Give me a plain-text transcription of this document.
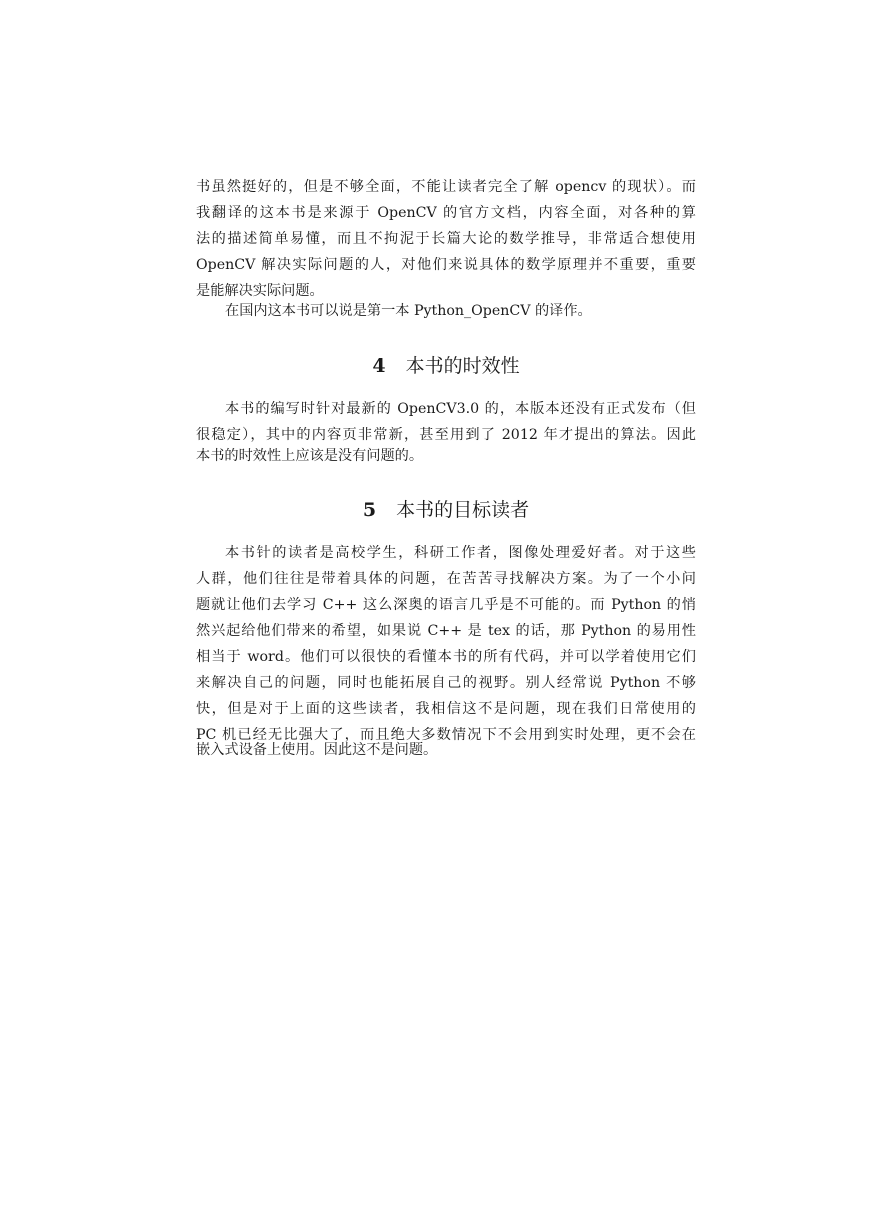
书虽然挺好的，但是不够全面，不能让读者完全了解 opencv 的现状）。而
我翻译的这本书是来源于 OpenCV 的官方文档，内容全面，对各种的算
法的描述简单易懂，而且不拘泥于长篇大论的数学推导，非常适合想使用
OpenCV 解决实际问题的人，对他们来说具体的数学原理并不重要，重要
是能解决实际问题。
在国内这本书可以说是第一本 Python_OpenCV 的译作。
4 本书的时效性
本书的编写时针对最新的 OpenCV3.0 的，本版本还没有正式发布（但
很稳定），其中的内容页非常新，甚至用到了 2012 年才提出的算法。因此
本书的时效性上应该是没有问题的。
5 本书的目标读者
本书针的读者是高校学生，科研工作者，图像处理爱好者。对于这些
人群，他们往往是带着具体的问题，在苦苦寻找解决方案。为了一个小问
题就让他们去学习 C++ 这么深奥的语言几乎是不可能的。而 Python 的悄
然兴起给他们带来的希望，如果说 C++ 是 tex 的话，那 Python 的易用性
相当于 word。他们可以很快的看懂本书的所有代码，并可以学着使用它们
来解决自己的问题，同时也能拓展自己的视野。别人经常说 Python 不够
快，但是对于上面的这些读者，我相信这不是问题，现在我们日常使用的
PC 机已经无比强大了，而且绝大多数情况下不会用到实时处理，更不会在
嵌入式设备上使用。因此这不是问题。
